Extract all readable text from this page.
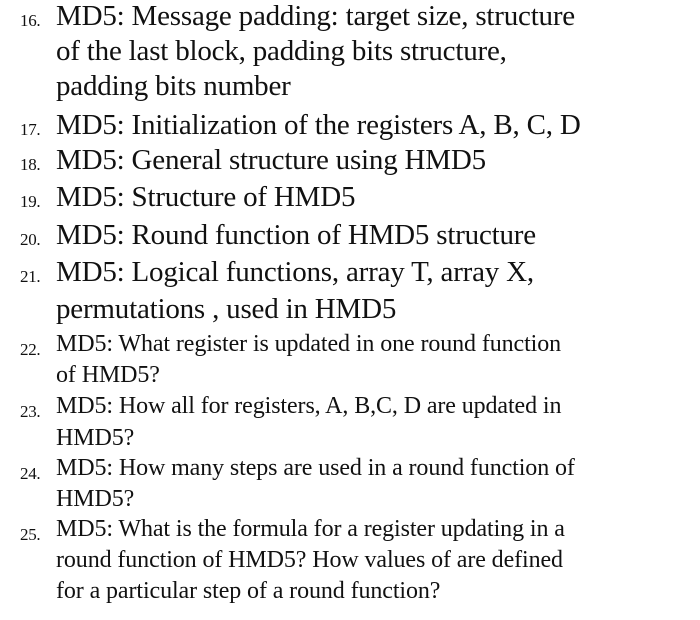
16. MD5: Message padding: target size, structure
of the last block, padding bits structure,
padding bits number
17. MD5: Initialization of the registers A, B, C, D
18. MD5: General structure using HMD5
19. MD5: Structure of HMD5
20. MD5: Round function of HMD5 structure
21. MD5: Logical functions, array T, array X,
permutations , used in HMD5
22. MD5: What register is updated in one round function
of HMD5?
23. MD5: How all for registers, A, B,C, D are updated in
HMD5?
24. MD5: How many steps are used in a round function of
HMD5?
25. MD5: What is the formula for a register updating in a
round function of HMD5? How values of are defined
for a particular step of a round function?
